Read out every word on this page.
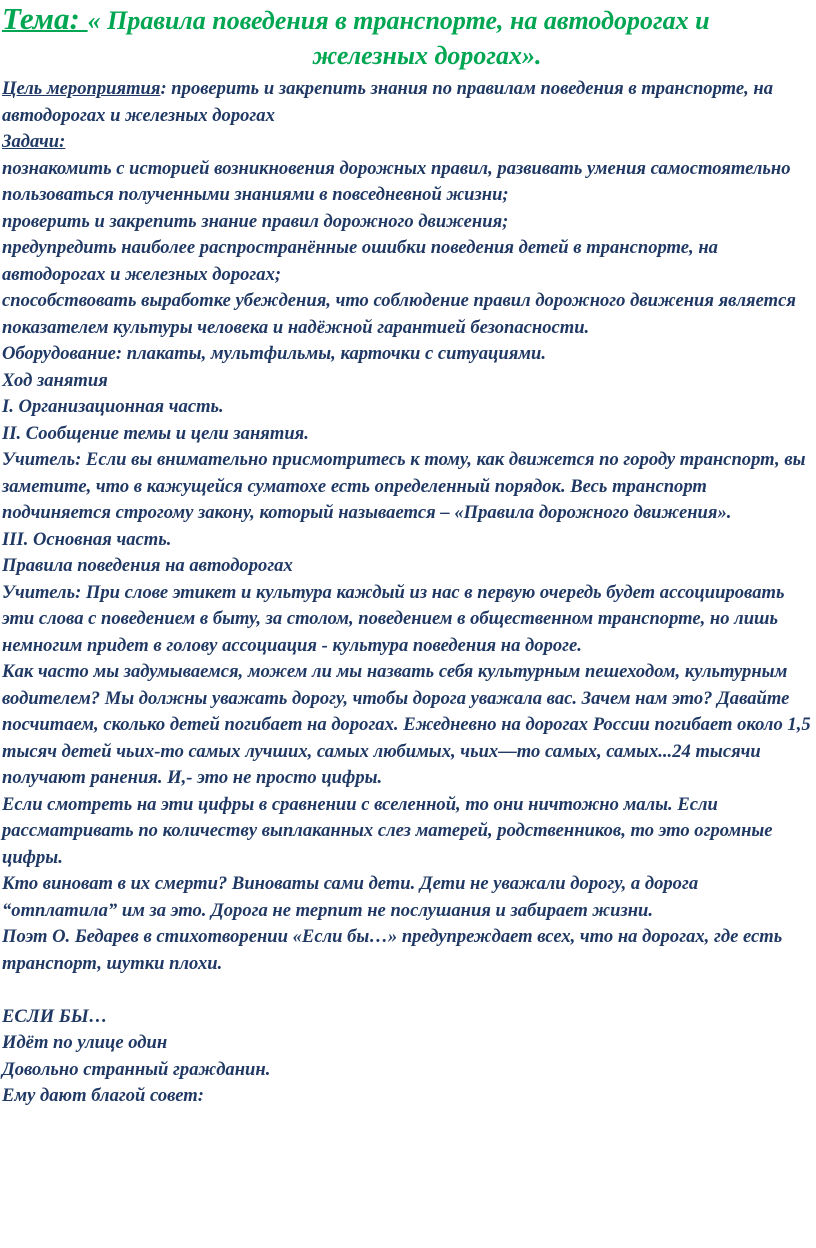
Тема: « Правила поведения в транспорте, на автодорогах и
железных дорогах».

Цель мероприятия: проверить и закрепить знания по правилам поведения в транспорте, на автодорогах и железных дорогах

Задачи:

познакомить с историей возникновения дорожных правил, развивать умения самостоятельно пользоваться полученными знаниями в повседневной жизни;

проверить и закрепить знание правил дорожного движения;

предупредить наиболее распространённые ошибки поведения детей в транспорте, на автодорогах и железных дорогах;

способствовать выработке убеждения, что соблюдение правил дорожного движения является показателем культуры человека и надёжной гарантией безопасности.

Оборудование: плакаты, мультфильмы, карточки с ситуациями.

Ход занятия

I. Организационная часть.

II. Сообщение темы и цели занятия.

Учитель: Если вы внимательно присмотритесь к тому, как движется по городу транспорт, вы заметите, что в кажущейся суматохе есть определенный порядок. Весь транспорт подчиняется строгому закону, который называется – «Правила дорожного движения».

III. Основная часть.

Правила поведения на автодорогах

Учитель: При слове этикет и культура каждый из нас в первую очередь будет ассоциировать эти слова с поведением в быту, за столом, поведением в общественном транспорте, но лишь немногим придет в голову ассоциация - культура поведения на дороге.

Как часто мы задумываемся, можем ли мы назвать себя культурным пешеходом, культурным водителем? Мы должны уважать дорогу, чтобы дорога уважала вас. Зачем нам это? Давайте посчитаем, сколько детей погибает на дорогах. Ежедневно на дорогах России погибает около 1,5 тысяч детей чьих-то самых лучших, самых любимых, чьих—то самых, самых...24 тысячи получают ранения. И,- это не просто цифры.

Если смотреть на эти цифры в сравнении с вселенной, то они ничтожно малы. Если рассматривать по количеству выплаканных слез матерей, родственников, то это огромные цифры.

Кто виноват в их смерти? Виноваты сами дети. Дети не уважали дорогу, а дорога “отплатила” им за это. Дорога не терпит не послушания и забирает жизни.

Поэт О. Бедарев в стихотворении «Если бы…» предупреждает всех, что на дорогах, где есть транспорт, шутки плохи.

ЕСЛИ БЫ…

Идёт по улице один

Довольно странный гражданин.

Ему дают благой совет:
